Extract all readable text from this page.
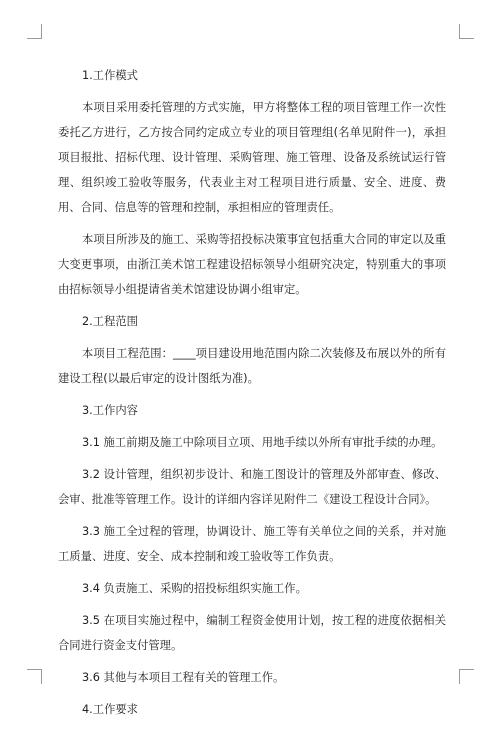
1.工作模式

本项目采用委托管理的方式实施，甲方将整体工程的项目管理工作一次性委托乙方进行，乙方按合同约定成立专业的项目管理组(名单见附件一)，承担项目报批、招标代理、设计管理、采购管理、施工管理、设备及系统试运行管理、组织竣工验收等服务，代表业主对工程项目进行质量、安全、进度、费用、合同、信息等的管理和控制，承担相应的管理责任。

本项目所涉及的施工、采购等招投标决策事宜包括重大合同的审定以及重大变更事项，由浙江美术馆工程建设招标领导小组研究决定，特别重大的事项由招标领导小组提请省美术馆建设协调小组审定。

2.工程范围

本项目工程范围：____项目建设用地范围内除二次装修及布展以外的所有建设工程(以最后审定的设计图纸为准)。

3.工作内容

3.1 施工前期及施工中除项目立项、用地手续以外所有审批手续的办理。

3.2 设计管理，组织初步设计、和施工图设计的管理及外部审查、修改、会审、批准等管理工作。设计的详细内容详见附件二《建设工程设计合同》。

3.3 施工全过程的管理，协调设计、施工等有关单位之间的关系，并对施工质量、进度、安全、成本控制和竣工验收等工作负责。

3.4 负责施工、采购的招投标组织实施工作。

3.5 在项目实施过程中，编制工程资金使用计划，按工程的进度依据相关合同进行资金支付管理。

3.6 其他与本项目工程有关的管理工作。

4.工作要求
